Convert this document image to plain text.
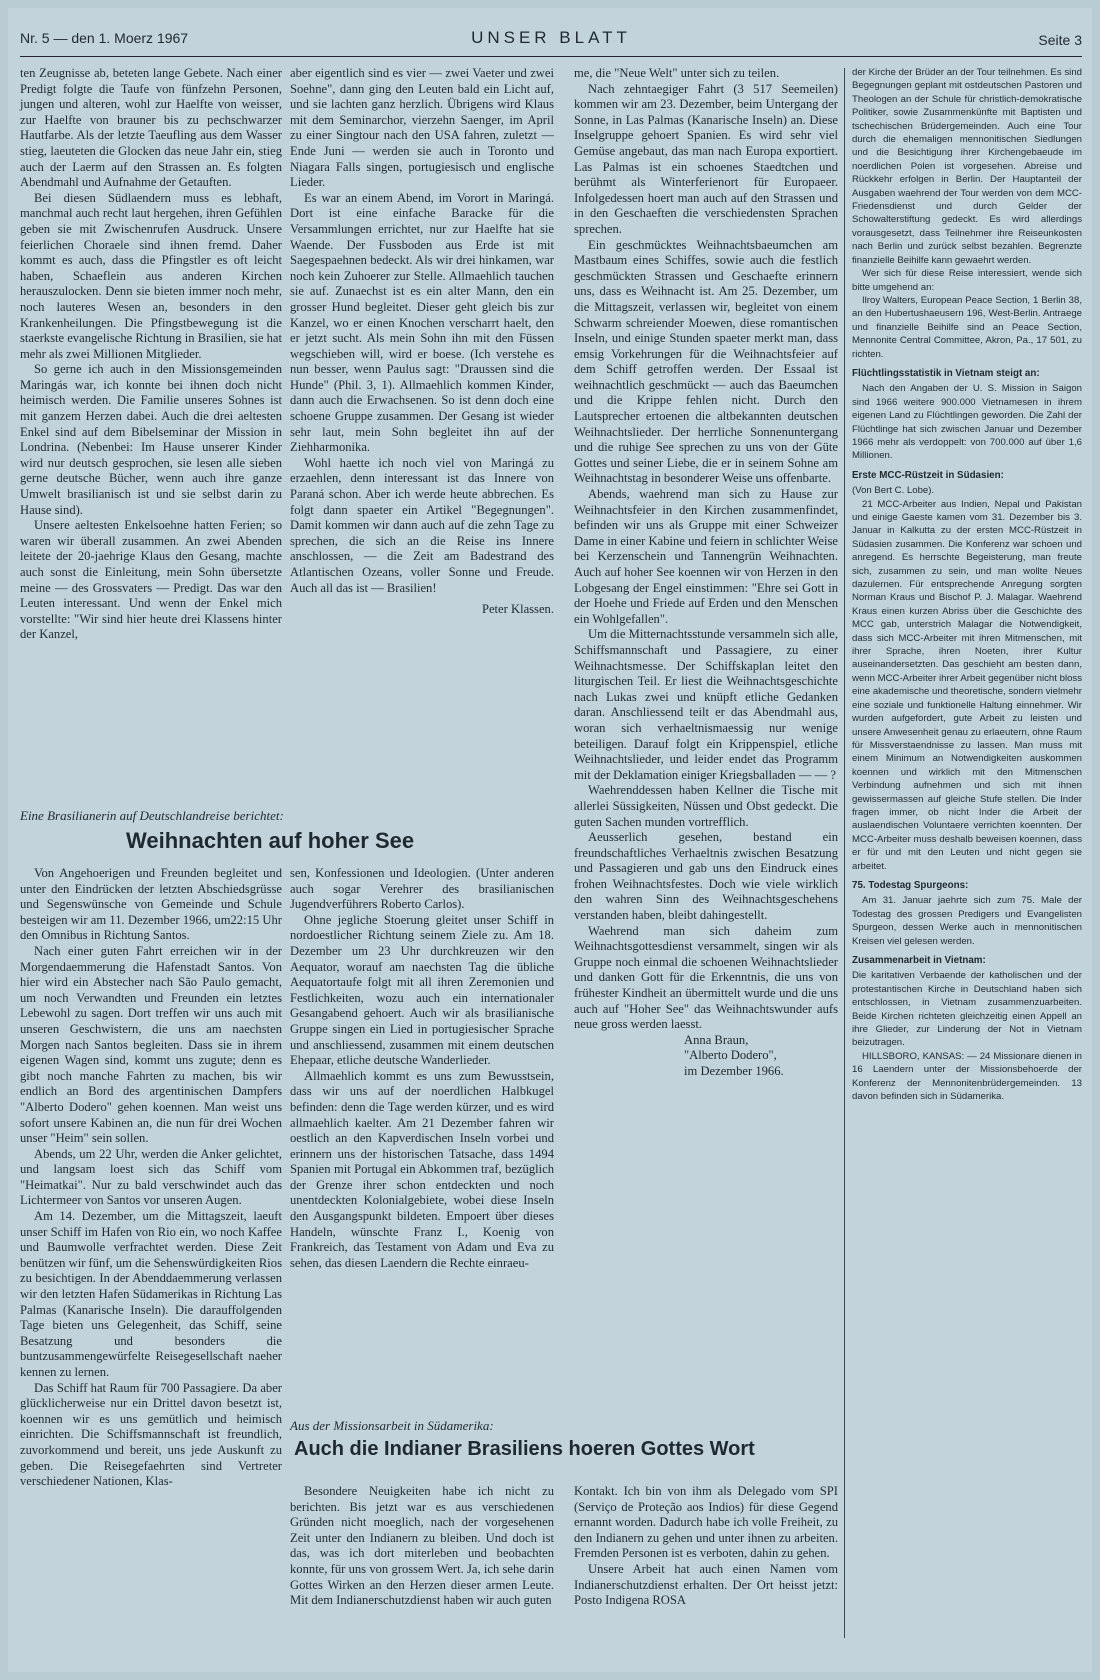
Nr. 5 — den 1. Moerz 1967	UNSER BLATT	Seite 3

ten Zeugnisse ab, beteten lange Gebete. Nach einer Predigt folgte die Taufe von fünfzehn Personen, jungen und alteren, wohl zur Haelfte von weisser, zur Haelfte von brauner bis zu pechschwarzer Hautfarbe. Als der letzte Taeufling aus dem Wasser stieg, laeuteten die Glocken das neue Jahr ein, stieg auch der Laerm auf den Strassen an. Es folgten Abendmahl und Aufnahme der Getauften.

Bei diesen Südlaendern muss es lebhaft, manchmal auch recht laut hergehen, ihren Gefühlen geben sie mit Zwischenrufen Ausdruck. Unsere feierlichen Choraele sind ihnen fremd. Daher kommt es auch, dass die Pfingstler es oft leicht haben, Schaeflein aus anderen Kirchen herauszulocken. Denn sie bieten immer noch mehr, noch lauteres Wesen an, besonders in den Krankenheilungen. Die Pfingstbewegung ist die staerkste evangelische Richtung in Brasilien, sie hat mehr als zwei Millionen Mitglieder.

So gerne ich auch in den Missionsgemeinden Maringás war, ich konnte bei ihnen doch nicht heimisch werden. Die Familie unseres Sohnes ist mit ganzem Herzen dabei. Auch die drei aeltesten Enkel sind auf dem Bibelseminar der Mission in Londrina. (Nebenbei: Im Hause unserer Kinder wird nur deutsch gesprochen, sie lesen alle sieben gerne deutsche Bücher, wenn auch ihre ganze Umwelt brasilianisch ist und sie selbst darin zu Hause sind).

Unsere aeltesten Enkelsoehne hatten Ferien; so waren wir überall zusammen. An zwei Abenden leitete der 20-jaehrige Klaus den Gesang, machte auch sonst die Einleitung, mein Sohn übersetzte meine — des Grossvaters — Predigt. Das war den Leuten interessant. Und wenn der Enkel mich vorstellte: "Wir sind hier heute drei Klassens hinter der Kanzel,

aber eigentlich sind es vier — zwei Vaeter und zwei Soehne", dann ging den Leuten bald ein Licht auf, und sie lachten ganz herzlich. Übrigens wird Klaus mit dem Seminarchor, vierzehn Saenger, im April zu einer Singtour nach den USA fahren, zuletzt — Ende Juni — werden sie auch in Toronto und Niagara Falls singen, portugiesisch und englische Lieder.

Es war an einem Abend, im Vorort in Maringá. Dort ist eine einfache Baracke für die Versammlungen errichtet, nur zur Haelfte hat sie Waende. Der Fussboden aus Erde ist mit Saegespaehnen bedeckt. Als wir drei hinkamen, war noch kein Zuhoerer zur Stelle. Allmaehlich tauchen sie auf. Zunaechst ist es ein alter Mann, den ein grosser Hund begleitet. Dieser geht gleich bis zur Kanzel, wo er einen Knochen verscharrt haelt, den er jetzt sucht. Als mein Sohn ihn mit den Füssen wegschieben will, wird er boese. (Ich verstehe es nun besser, wenn Paulus sagt: "Draussen sind die Hunde" (Phil. 3, 1). Allmaehlich kommen Kinder, dann auch die Erwachsenen. So ist denn doch eine schoene Gruppe zusammen. Der Gesang ist wieder sehr laut, mein Sohn begleitet ihn auf der Ziehharmonika.

Wohl haette ich noch viel von Maringá zu erzaehlen, denn interessant ist das Innere von Paraná schon. Aber ich werde heute abbrechen. Es folgt dann spaeter ein Artikel "Begegnungen". Damit kommen wir dann auch auf die zehn Tage zu sprechen, die sich an die Reise ins Innere anschlossen, — die Zeit am Badestrand des Atlantischen Ozeans, voller Sonne und Freude. Auch all das ist — Brasilien!

Peter Klassen.

me, die "Neue Welt" unter sich zu teilen.

Nach zehntaegiger Fahrt (3 517 Seemeilen) kommen wir am 23. Dezember, beim Untergang der Sonne, in Las Palmas (Kanarische Inseln) an. Diese Inselgruppe gehoert Spanien. Es wird sehr viel Gemüse angebaut, das man nach Europa exportiert. Las Palmas ist ein schoenes Staedtchen und berühmt als Winterferienort für Europaeer. Infolgedessen hoert man auch auf den Strassen und in den Geschaeften die verschiedensten Sprachen sprechen.

Ein geschmücktes Weihnachtsbaeumchen am Mastbaum eines Schiffes, sowie auch die festlich geschmückten Strassen und Geschaefte erinnern uns, dass es Weihnacht ist. Am 25. Dezember, um die Mittagszeit, verlassen wir, begleitet von einem Schwarm schreiender Moewen, diese romantischen Inseln, und einige Stunden spaeter merkt man, dass emsig Vorkehrungen für die Weihnachtsfeier auf dem Schiff getroffen werden. Der Essaal ist weihnachtlich geschmückt — auch das Baeumchen und die Krippe fehlen nicht. Durch den Lautsprecher ertoenen die altbekannten deutschen Weihnachtslieder. Der herrliche Sonnenuntergang und die ruhige See sprechen zu uns von der Güte Gottes und seiner Liebe, die er in seinem Sohne am Weihnachtstag in besonderer Weise uns offenbarte.

Abends, waehrend man sich zu Hause zur Weihnachtsfeier in den Kirchen zusammenfindet, befinden wir uns als Gruppe mit einer Schweizer Dame in einer Kabine und feiern in schlichter Weise bei Kerzenschein und Tannengrün Weihnachten. Auch auf hoher See koennen wir von Herzen in den Lobgesang der Engel einstimmen: "Ehre sei Gott in der Hoehe und Friede auf Erden und den Menschen ein Wohlgefallen".

Um die Mitternachtsstunde versammeln sich alle, Schiffsmannschaft und Passagiere, zu einer Weihnachtsmesse. Der Schiffskaplan leitet den liturgischen Teil. Er liest die Weihnachtsgeschichte nach Lukas zwei und knüpft etliche Gedanken daran. Anschliessend teilt er das Abendmahl aus, woran sich verhaeltnismaessig nur wenige beteiligen. Darauf folgt ein Krippenspiel, etliche Weihnachtslieder, und leider endet das Programm mit der Deklamation einiger Kriegsballaden — — ?

Waehrenddessen haben Kellner die Tische mit allerlei Süssigkeiten, Nüssen und Obst gedeckt. Die guten Sachen munden vortrefflich.

Aeusserlich gesehen, bestand ein freundschaftliches Verhaeltnis zwischen Besatzung und Passagieren und gab uns den Eindruck eines frohen Weihnachtsfestes. Doch wie viele wirklich den wahren Sinn des Weihnachtsgeschehens verstanden haben, bleibt dahingestellt.

Waehrend man sich daheim zum Weihnachtsgottesdienst versammelt, singen wir als Gruppe noch einmal die schoenen Weihnachtslieder und danken Gott für die Erkenntnis, die uns von frühester Kindheit an übermittelt wurde und die uns auch auf "Hoher See" das Weihnachtswunder aufs neue gross werden laesst.

Anna Braun,

"Alberto Dodero",

im Dezember 1966.

Eine Brasilianerin auf Deutschlandreise berichtet:
Weihnachten auf hoher See

Von Angehoerigen und Freunden begleitet und unter den Eindrücken der letzten Abschiedsgrüsse und Segenswünsche von Gemeinde und Schule besteigen wir am 11. Dezember 1966, um22:15 Uhr den Omnibus in Richtung Santos.

Nach einer guten Fahrt erreichen wir in der Morgendaemmerung die Hafenstadt Santos. Von hier wird ein Abstecher nach São Paulo gemacht, um noch Verwandten und Freunden ein letztes Lebewohl zu sagen. Dort treffen wir uns auch mit unseren Geschwistern, die uns am naechsten Morgen nach Santos begleiten. Dass sie in ihrem eigenen Wagen sind, kommt uns zugute; denn es gibt noch manche Fahrten zu machen, bis wir endlich an Bord des argentinischen Dampfers "Alberto Dodero" gehen koennen. Man weist uns sofort unsere Kabinen an, die nun für drei Wochen unser "Heim" sein sollen.

Abends, um 22 Uhr, werden die Anker gelichtet, und langsam loest sich das Schiff vom "Heimatkai". Nur zu bald verschwindet auch das Lichtermeer von Santos vor unseren Augen.

Am 14. Dezember, um die Mittagszeit, laeuft unser Schiff im Hafen von Rio ein, wo noch Kaffee und Baumwolle verfrachtet werden. Diese Zeit benützen wir fünf, um die Sehenswürdigkeiten Rios zu besichtigen. In der Abenddaemmerung verlassen wir den letzten Hafen Südamerikas in Richtung Las Palmas (Kanarische Inseln). Die darauffolgenden Tage bieten uns Gelegenheit, das Schiff, seine Besatzung und besonders die buntzusammengewürfelte Reisegesellschaft naeher kennen zu lernen.

Das Schiff hat Raum für 700 Passagiere. Da aber glücklicherweise nur ein Drittel davon besetzt ist, koennen wir es uns gemütlich und heimisch einrichten. Die Schiffsmannschaft ist freundlich, zuvorkommend und bereit, uns jede Auskunft zu geben. Die Reisegefaehrten sind Vertreter verschiedener Nationen, Klas-

sen, Konfessionen und Ideologien. (Unter anderen auch sogar Verehrer des brasilianischen Jugendverführers Roberto Carlos).

Ohne jegliche Stoerung gleitet unser Schiff in nordoestlicher Richtung seinem Ziele zu. Am 18. Dezember um 23 Uhr durchkreuzen wir den Aequator, worauf am naechsten Tag die übliche Aequatortaufe folgt mit all ihren Zeremonien und Festlichkeiten, wozu auch ein internationaler Gesangabend gehoert. Auch wir als brasilianische Gruppe singen ein Lied in portugiesischer Sprache und anschliessend, zusammen mit einem deutschen Ehepaar, etliche deutsche Wanderlieder.

Allmaehlich kommt es uns zum Bewusstsein, dass wir uns auf der noerdlichen Halbkugel befinden: denn die Tage werden kürzer, und es wird allmaehlich kaelter. Am 21 Dezember fahren wir oestlich an den Kapverdischen Inseln vorbei und erinnern uns der historischen Tatsache, dass 1494 Spanien mit Portugal ein Abkommen traf, bezüglich der Grenze ihrer schon entdeckten und noch unentdeckten Kolonialgebiete, wobei diese Inseln den Ausgangspunkt bildeten. Empoert über dieses Handeln, wünschte Franz I., Koenig von Frankreich, das Testament von Adam und Eva zu sehen, das diesen Laendern die Rechte einraeu-

Aus der Missionsarbeit in Südamerika:
Auch die Indianer Brasiliens hoeren Gottes Wort

Besondere Neuigkeiten habe ich nicht zu berichten. Bis jetzt war es aus verschiedenen Gründen nicht moeglich, nach der vorgesehenen Zeit unter den Indianern zu bleiben. Und doch ist das, was ich dort miterleben und beobachten konnte, für uns von grossem Wert. Ja, ich sehe darin Gottes Wirken an den Herzen dieser armen Leute. Mit dem Indianerschutzdienst haben wir auch guten

Kontakt. Ich bin von ihm als Delegado vom SPI (Serviço de Proteção aos Indios) für diese Gegend ernannt worden. Dadurch habe ich volle Freiheit, zu den Indianern zu gehen und unter ihnen zu arbeiten. Fremden Personen ist es verboten, dahin zu gehen.

Unsere Arbeit hat auch einen Namen vom Indianerschutzdienst erhalten. Der Ort heisst jetzt: Posto Indigena ROSA

der Kirche der Brüder an der Tour teilnehmen. Es sind Begegnungen geplant mit ostdeutschen Pastoren und Theologen an der Schule für christlich-demokratische Politiker, sowie Zusammenkünfte mit Baptisten und tschechischen Brüdergemeinden. Auch eine Tour durch die ehemaligen mennonitischen Siedlungen und die Besichtigung ihrer Kirchengebaeude im noerdlichen Polen ist vorgesehen. Abreise und Rückkehr erfolgen in Berlin. Der Hauptanteil der Ausgaben waehrend der Tour werden von dem MCC-Friedensdienst und durch Gelder der Schowalterstiftung gedeckt. Es wird allerdings vorausgesetzt, dass Teilnehmer ihre Reiseunkosten nach Berlin und zurück selbst bezahlen. Begrenzte finanzielle Beihilfe kann gewaehrt werden.

Wer sich für diese Reise interessiert, wende sich bitte umgehend an:

Ilroy Walters, European Peace Section, 1 Berlin 38, an den Hubertushaeusern 196, West-Berlin. Antraege und finanzielle Beihilfe sind an Peace Section, Mennonite Central Committee, Akron, Pa., 17 501, zu richten.

Flüchtlingsstatistik in Vietnam steigt an:

Nach den Angaben der U. S. Mission in Saigon sind 1966 weitere 900.000 Vietnamesen in ihrem eigenen Land zu Flüchtlingen geworden. Die Zahl der Flüchtlinge hat sich zwischen Januar und Dezember 1966 mehr als verdoppelt: von 700.000 auf über 1,6 Millionen.

Erste MCC-Rüstzeit in Südasien:

(Von Bert C. Lobe).

21 MCC-Arbeiter aus Indien, Nepal und Pakistan und einige Gaeste kamen vom 31. Dezember bis 3. Januar in Kalkutta zu der ersten MCC-Rüstzeit in Südasien zusammen. Die Konferenz war schoen und anregend. Es herrschte Begeisterung, man freute sich, zusammen zu sein, und man wollte Neues dazulernen. Für entsprechende Anregung sorgten Norman Kraus und Bischof P. J. Malagar. Waehrend Kraus einen kurzen Abriss über die Geschichte des MCC gab, unterstrich Malagar die Notwendigkeit, dass sich MCC-Arbeiter mit ihren Mitmenschen, mit ihrer Sprache, ihren Noeten, ihrer Kultur auseinandersetzten. Das geschieht am besten dann, wenn MCC-Arbeiter ihrer Arbeit gegenüber nicht bloss eine akademische und theoretische, sondern vielmehr eine soziale und funktionelle Haltung einnehmer. Wir wurden aufgefordert, gute Arbeit zu leisten und unsere Anwesenheit genau zu erlaeutern, ohne Raum für Missverstaendnisse zu lassen. Man muss mit einem Minimum an Notwendigkeiten auskommen koennen und wirklich mit den Mitmenschen Verbindung aufnehmen und sich mit ihnen gewissermassen auf gleiche Stufe stellen. Die Inder fragen immer, ob nicht Inder die Arbeit der auslaendischen Voluntaere verrichten koennten. Der MCC-Arbeiter muss deshalb beweisen koennen, dass er für und mit den Leuten und nicht gegen sie arbeitet.

75. Todestag Spurgeons:

Am 31. Januar jaehrte sich zum 75. Male der Todestag des grossen Predigers und Evangelisten Spurgeon, dessen Werke auch in mennonitischen Kreisen viel gelesen werden.

Zusammenarbeit in Vietnam:

Die karitativen Verbaende der katholischen und der protestantischen Kirche in Deutschland haben sich entschlossen, in Vietnam zusammenzuarbeiten. Beide Kirchen richteten gleichzeitig einen Appell an ihre Glieder, zur Linderung der Not in Vietnam beizutragen.

HILLSBORO, KANSAS: — 24 Missionare dienen in 16 Laendern unter der Missionsbehoerde der Konferenz der Mennonitenbrüdergemeinden. 13 davon befinden sich in Südamerika.
